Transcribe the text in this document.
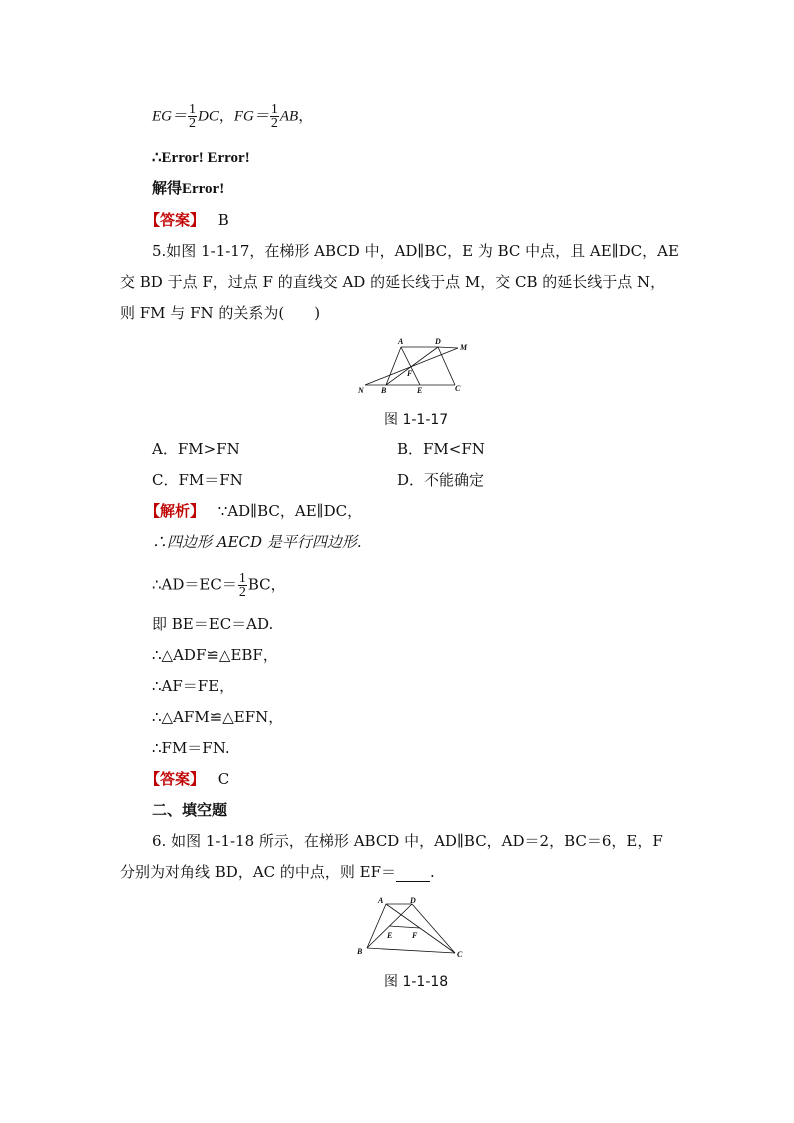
$EG= \frac{1}{2}$ DC，$FG= \frac{1}{2}$ AB，
∴Error! Error!
解得Error!
【答案】 B
5.如图 1-1-17，在梯形 ABCD 中，AD∥BC，E 为 BC 中点，且 AE∥DC，AE
交 BD 于点 F，过点 F 的直线交 AD 的延长线于点 M，交 CB 的延长线于点 N，
则 FM 与 FN 的关系为(　　)
A	D
M
F
N B	E	C
图 1-1-17
A．FM>FN	B．FM<FN
C．FM＝FN	D．不能确定
【解析】 ∵AD∥BC，AE∥DC，
∴四边形 AECD 是平行四边形.
∴AD＝EC＝ $\frac{1}{2}$ BC，
即 BE＝EC＝AD.
∴△ADF≌△EBF，
∴AF＝FE，
∴△AFM≌△EFN，
∴FM＝FN.
【答案】 C
二、填空题
6. 如图 1-1-18 所示，在梯形 ABCD 中，AD∥BC，AD＝2，BC＝6，E，F
分别为对角线 BD，AC 的中点，则 EF＝ .
A	D
E F
B	C
图 1-1-18
